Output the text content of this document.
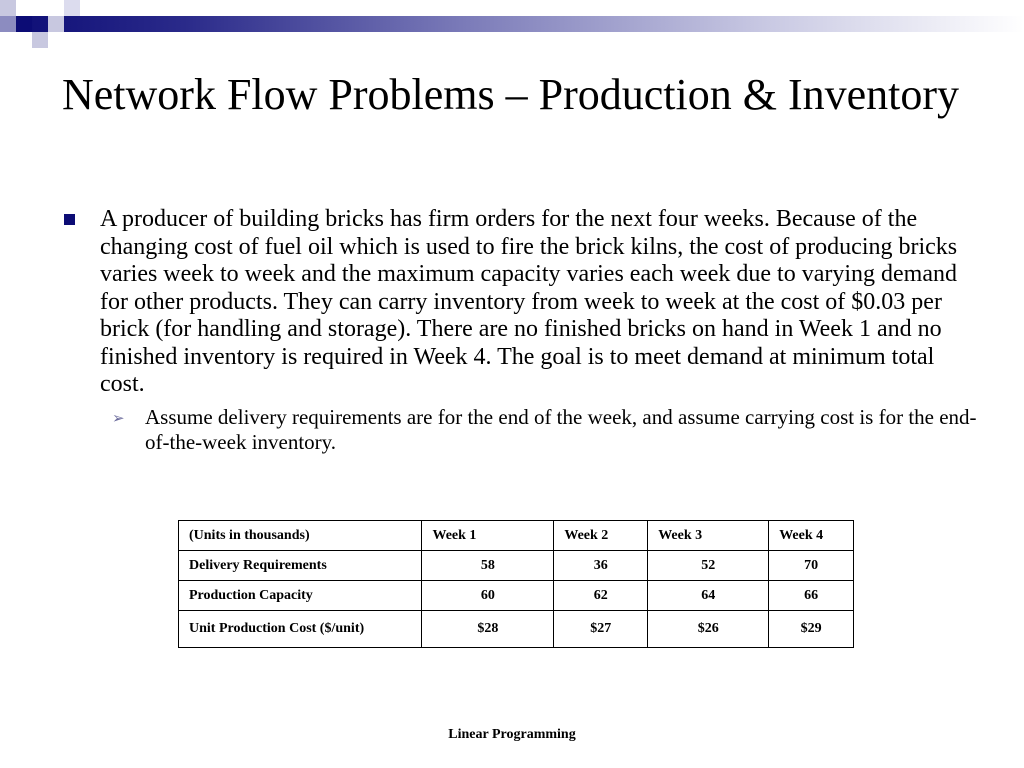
Network Flow Problems – Production & Inventory
A producer of building bricks has firm orders for the next four weeks. Because of the changing cost of fuel oil which is used to fire the brick kilns, the cost of producing bricks varies week to week and the maximum capacity varies each week due to varying demand for other products. They can carry inventory from week to week at the cost of $0.03 per brick (for handling and storage). There are no finished bricks on hand in Week 1 and no finished inventory is required in Week 4. The goal is to meet demand at minimum total cost.
➢ Assume delivery requirements are for the end of the week, and assume carrying cost is for the end-of-the-week inventory.
(Units in thousands)	Week 1	Week 2	Week 3	Week 4
Delivery Requirements	58	36	52	70
Production Capacity	60	62	64	66
Unit Production Cost ($/unit)	$28	$27	$26	$29
Linear Programming
